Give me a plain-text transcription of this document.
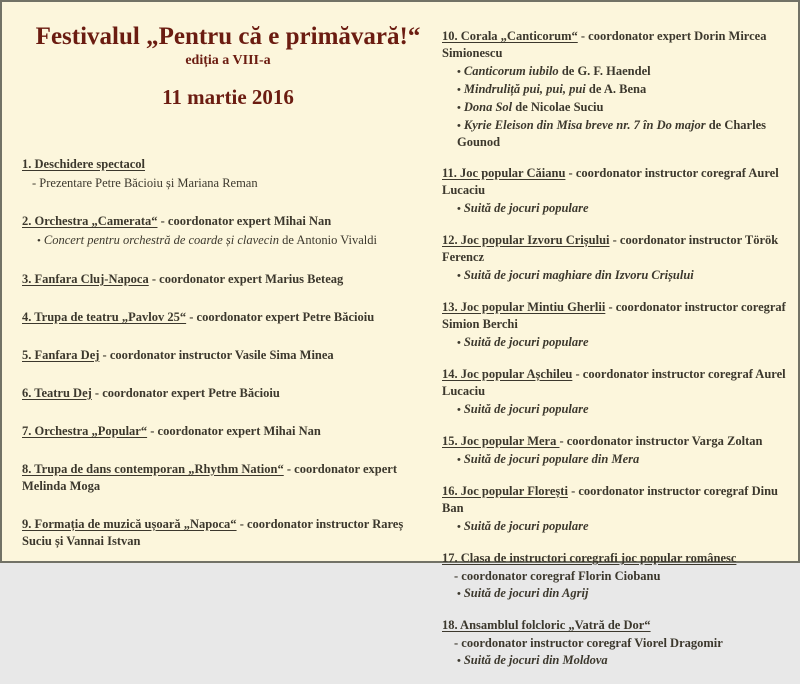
Festivalul „Pentru că e primăvară!“

ediția a VIII-a

11 martie 2016

1. Deschidere spectacol

- Prezentare Petre Băcioiu și Mariana Reman

2. Orchestra „Camerata“ - coordonator expert Mihai Nan

• Concert pentru orchestră de coarde și clavecin de Antonio Vivaldi

3. Fanfara Cluj-Napoca - coordonator expert Marius Beteag

4. Trupa de teatru „Pavlov 25“ - coordonator expert Petre Băcioiu

5. Fanfara Dej - coordonator instructor Vasile Sima Minea

6. Teatru Dej - coordonator expert Petre Băcioiu

7. Orchestra „Popular“ - coordonator expert Mihai Nan

8. Trupa de dans contemporan „Rhythm Nation“ - coordonator expert Melinda Moga

9. Formația de muzică ușoară „Napoca“ - coordonator instructor Rareș Suciu și Vannai Istvan

10. Corala „Canticorum“ - coordonator expert Dorin Mircea Simionescu

• Canticorum iubilo de G. F. Haendel

• Mindruliță pui, pui, pui de A. Bena

• Dona Sol de Nicolae Suciu

• Kyrie Eleison din Misa breve nr. 7 în Do major de Charles Gounod

11. Joc popular Căianu - coordonator instructor coregraf Aurel Lucaciu

• Suită de jocuri populare

12. Joc popular Izvoru Crișului - coordonator instructor Török Ferencz

• Suită de jocuri maghiare din Izvoru Crișului

13. Joc popular Mintiu Gherlii - coordonator instructor coregraf Simion Berchi

• Suită de jocuri populare

14. Joc popular Așchileu - coordonator instructor coregraf Aurel Lucaciu

• Suită de jocuri populare

15. Joc popular Mera - coordonator instructor Varga Zoltan

• Suită de jocuri populare din Mera

16. Joc popular Florești - coordonator instructor coregraf Dinu Ban

• Suită de jocuri populare

17. Clasa de instructori coregrafi joc popular românesc

- coordonator coregraf Florin Ciobanu

• Suită de jocuri din Agrij

18. Ansamblul folcloric „Vatră de Dor“

- coordonator instructor coregraf Viorel Dragomir

• Suită de jocuri din Moldova
